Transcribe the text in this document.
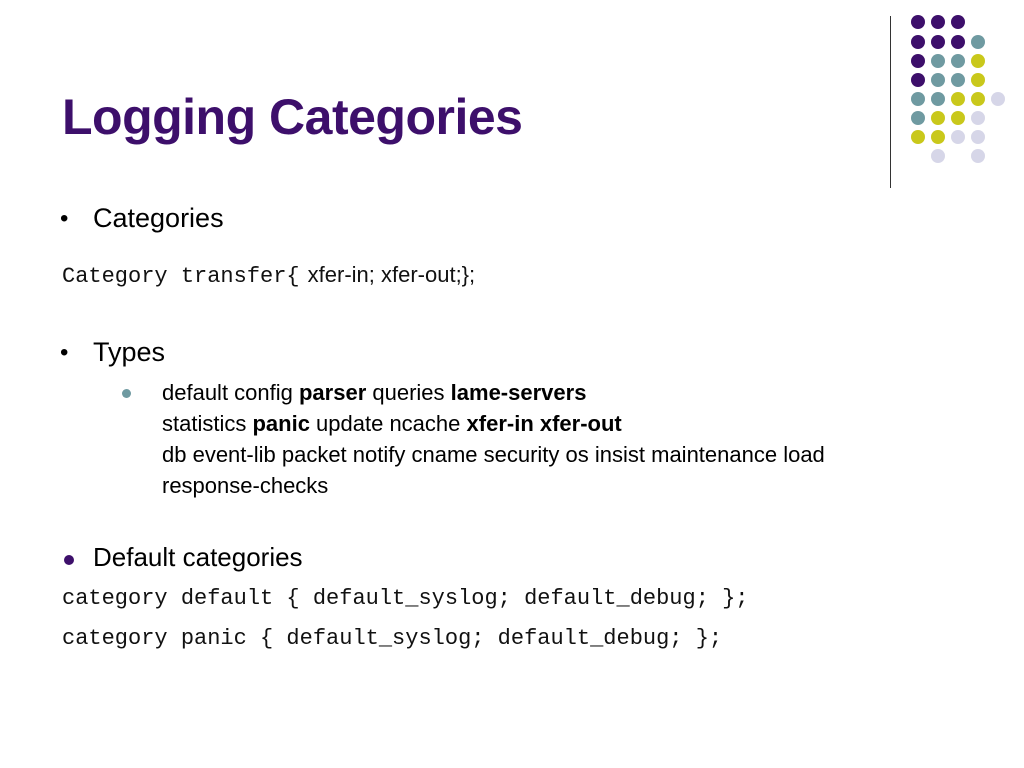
Logging Categories
• Categories
Category transfer{ xfer-in; xfer-out;};
• Types
default config parser queries lame-servers
statistics panic update ncache xfer-in xfer-out
db event-lib packet notify cname security os insist maintenance load
response-checks
Default categories
category default { default_syslog; default_debug; };
category panic { default_syslog; default_debug; };
